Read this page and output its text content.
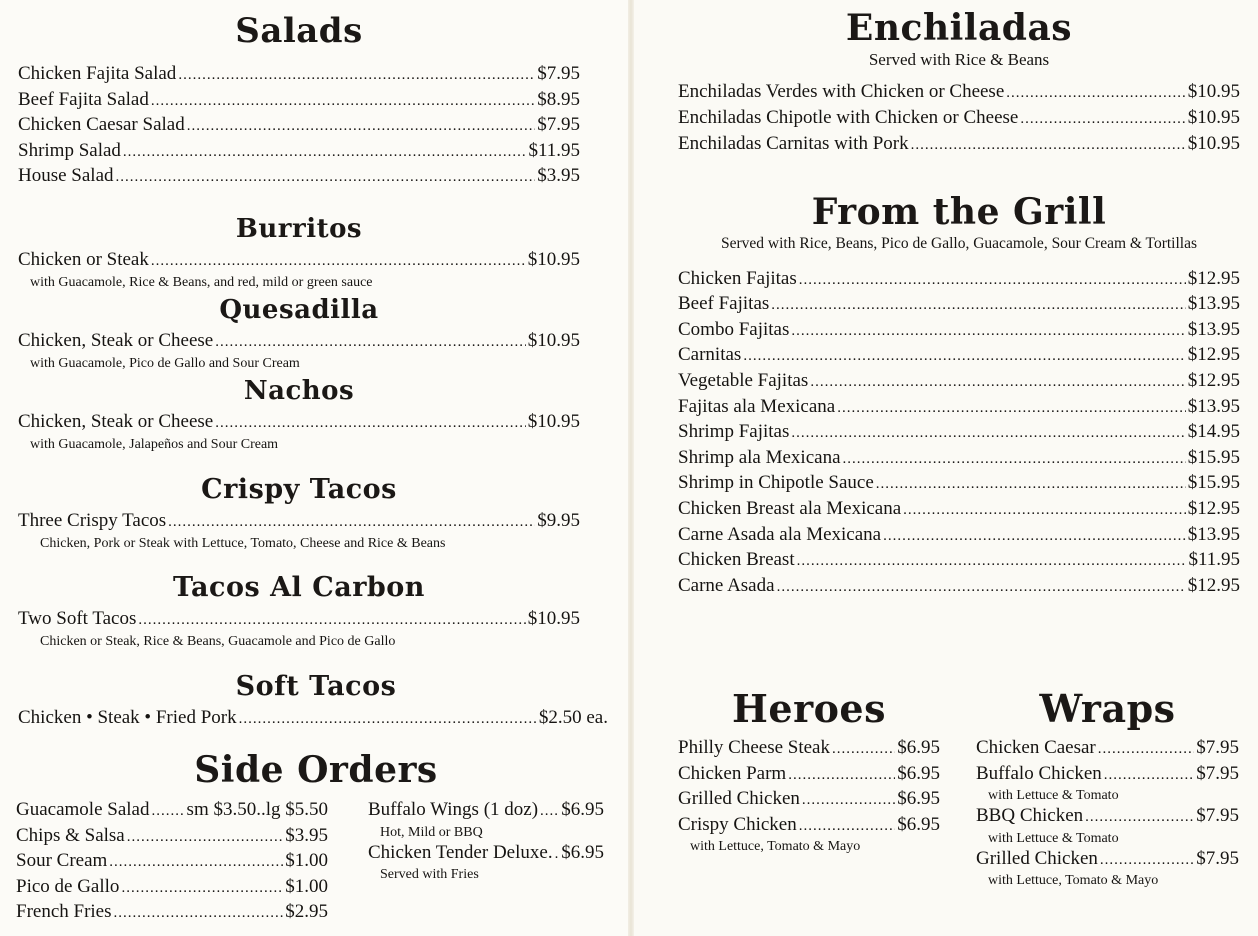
Salads
Chicken Fajita Salad .....	$7.95
Beef Fajita Salad .....	$8.95
Chicken Caesar Salad .....	$7.95
Shrimp Salad .....	$11.95
House Salad .....	$3.95
Burritos
Chicken or Steak .....	$10.95
with Guacamole, Rice & Beans, and red, mild or green sauce
Quesadilla
Chicken, Steak or Cheese .....	$10.95
with Guacamole, Pico de Gallo and Sour Cream
Nachos
Chicken, Steak or Cheese .....	$10.95
with Guacamole, Jalapeños and Sour Cream
Crispy Tacos
Three Crispy Tacos .....	$9.95
Chicken, Pork or Steak with Lettuce, Tomato, Cheese and Rice & Beans
Tacos Al Carbon
Two Soft Tacos .....	$10.95
Chicken or Steak, Rice & Beans, Guacamole and Pico de Gallo
Soft Tacos
Chicken • Steak • Fried Pork .....	$2.50 ea.
Side Orders
Guacamole Salad ..... sm $3.50..lg $5.50
Chips & Salsa .....	$3.95
Sour Cream .....	$1.00
Pico de Gallo .....	$1.00
French Fries .....	$2.95
Buffalo Wings (1 doz) ..... $6.95
Hot, Mild or BBQ
Chicken Tender Deluxe. ..... $6.95
Served with Fries
Enchiladas
Served with Rice & Beans
Enchiladas Verdes with Chicken or Cheese .....	$10.95
Enchiladas Chipotle with Chicken or Cheese .....	$10.95
Enchiladas Carnitas with Pork .....	$10.95
From the Grill
Served with Rice, Beans, Pico de Gallo, Guacamole, Sour Cream & Tortillas
Chicken Fajitas .....	$12.95
Beef Fajitas .....	$13.95
Combo Fajitas .....	$13.95
Carnitas .....	$12.95
Vegetable Fajitas .....	$12.95
Fajitas ala Mexicana .....	$13.95
Shrimp Fajitas .....	$14.95
Shrimp ala Mexicana .....	$15.95
Shrimp in Chipotle Sauce .....	$15.95
Chicken Breast ala Mexicana .....	$12.95
Carne Asada ala Mexicana .....	$13.95
Chicken Breast .....	$11.95
Carne Asada .....	$12.95
Heroes
Philly Cheese Steak .....	$6.95
Chicken Parm .....	$6.95
Grilled Chicken .....	$6.95
Crispy Chicken .....	$6.95
with Lettuce, Tomato & Mayo
Wraps
Chicken Caesar .....	$7.95
Buffalo Chicken .....	$7.95
with Lettuce & Tomato
BBQ Chicken .....	$7.95
with Lettuce & Tomato
Grilled Chicken .....	$7.95
with Lettuce, Tomato & Mayo
